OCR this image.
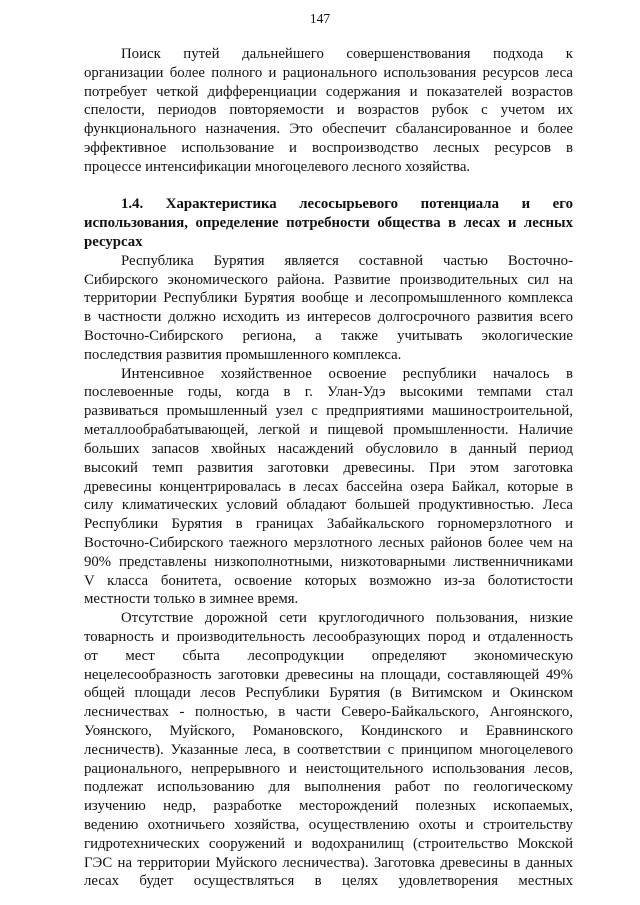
147
Поиск путей дальнейшего совершенствования подхода к
организации более полного и рационального использования ресурсов леса
потребует четкой дифференциации содержания и показателей возрастов
спелости, периодов повторяемости и возрастов рубок с учетом их
функционального назначения. Это обеспечит сбалансированное и более
эффективное использование и воспроизводство лесных ресурсов в
процессе интенсификации многоцелевого лесного хозяйства.
1.4. Характеристика лесосырьевого потенциала и его
использования, определение потребности общества в лесах и лесных
ресурсах
Республика Бурятия является составной частью Восточно-
Сибирского экономического района. Развитие производительных сил на
территории Республики Бурятия вообще и лесопромышленного комплекса
в частности должно исходить из интересов долгосрочного развития всего
Восточно-Сибирского региона, а также учитывать экологические
последствия развития промышленного комплекса.
Интенсивное хозяйственное освоение республики началось в
послевоенные годы, когда в г. Улан-Удэ высокими темпами стал
развиваться промышленный узел с предприятиями машиностроительной,
металлообрабатывающей, легкой и пищевой промышленности. Наличие
больших запасов хвойных насаждений обусловило в данный период
высокий темп развития заготовки древесины. При этом заготовка
древесины концентрировалась в лесах бассейна озера Байкал, которые в
силу климатических условий обладают большей продуктивностью. Леса
Республики Бурятия в границах Забайкальского горномерзлотного и
Восточно-Сибирского таежного мерзлотного лесных районов более чем на
90% представлены низкополнотными, низкотоварными лиственничниками
V класса бонитета, освоение которых возможно из-за болотистости
местности только в зимнее время.
Отсутствие дорожной сети круглогодичного пользования, низкие
товарность и производительность лесообразующих пород и отдаленность
от мест сбыта лесопродукции определяют экономическую
нецелесообразность заготовки древесины на площади, составляющей 49%
общей площади лесов Республики Бурятия (в Витимском и Окинском
лесничествах - полностью, в части Северо-Байкальского, Ангоянского,
Уоянского, Муйского, Романовского, Кондинского и Еравнинского
лесничеств). Указанные леса, в соответствии с принципом многоцелевого
рационального, непрерывного и неистощительного использования лесов,
подлежат использованию для выполнения работ по геологическому
изучению недр, разработке месторождений полезных ископаемых,
ведению охотничьего хозяйства, осуществлению охоты и строительству
гидротехнических сооружений и водохранилищ (строительство Мокской
ГЭС на территории Муйского лесничества). Заготовка древесины в данных
лесах будет осуществляться в целях удовлетворения местных
